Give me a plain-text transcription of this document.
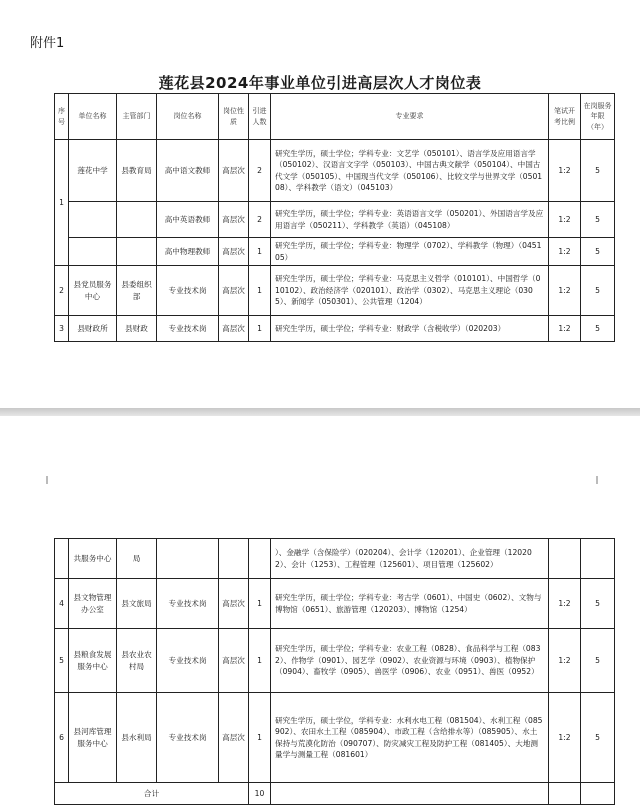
附件1
莲花县2024年事业单位引进高层次人才岗位表
序号	单位名称	主管部门	岗位名称	岗位性质	引进人数	专业要求	笔试开考比例	在岗服务年限（年）
1	莲花中学	县教育局	高中语文教师	高层次	2	研究生学历，硕士学位；学科专业：文艺学（050101）、语言学及应用语言学（050102）、汉语言文字学（050103）、中国古典文献学（050104）、中国古代文学（050105）、中国现当代文学（050106）、比较文学与世界文学（050108）、学科教学（语文）（045103）	1:2	5
			高中英语教师	高层次	2	研究生学历，硕士学位；学科专业：英语语言文学（050201）、外国语言学及应用语言学（050211）、学科教学（英语）（045108）	1:2	5
			高中物理教师	高层次	1	研究生学历，硕士学位；学科专业：物理学（0702）、学科教学（物理）（045105）	1:2	5
2	县党员服务中心	县委组织部	专业技术岗	高层次	1	研究生学历，硕士学位；学科专业：马克思主义哲学（010101）、中国哲学（010102）、政治经济学（020101）、政治学（0302）、马克思主义理论（0305）、新闻学（050301）、公共管理（1204）	1:2	5
3	县财政所	县财政	专业技术岗	高层次	1	研究生学历，硕士学位；学科专业：财政学（含税收学）（020203）	1:2	5
	共服务中心	局				）、金融学（含保险学）（020204）、会计学（120201）、企业管理（120202）、会计（1253）、工程管理（125601）、项目管理（125602）		
4	县文物管理办公室	县文旅局	专业技术岗	高层次	1	研究生学历，硕士学位；学科专业：考古学（0601）、中国史（0602）、文物与博物馆（0651）、旅游管理（120203）、博物馆（1254）	1:2	5
5	县粮食发展服务中心	县农业农村局	专业技术岗	高层次	1	研究生学历，硕士学位；学科专业：农业工程（0828）、食品科学与工程（0832）、作物学（0901）、园艺学（0902）、农业资源与环境（0903）、植物保护（0904）、畜牧学（0905）、兽医学（0906）、农业（0951）、兽医（0952）	1:2	5
6	县河库管理服务中心	县水利局	专业技术岗	高层次	1	研究生学历，硕士学位，学科专业：水利水电工程（081504）、水利工程（085902）、农田水土工程（085904）、市政工程（含给排水等）（085905）、水土保持与荒漠化防治（090707）、防灾减灾工程及防护工程（081405）、大地测量学与测量工程（081601）	1:2	5
合计					10			
